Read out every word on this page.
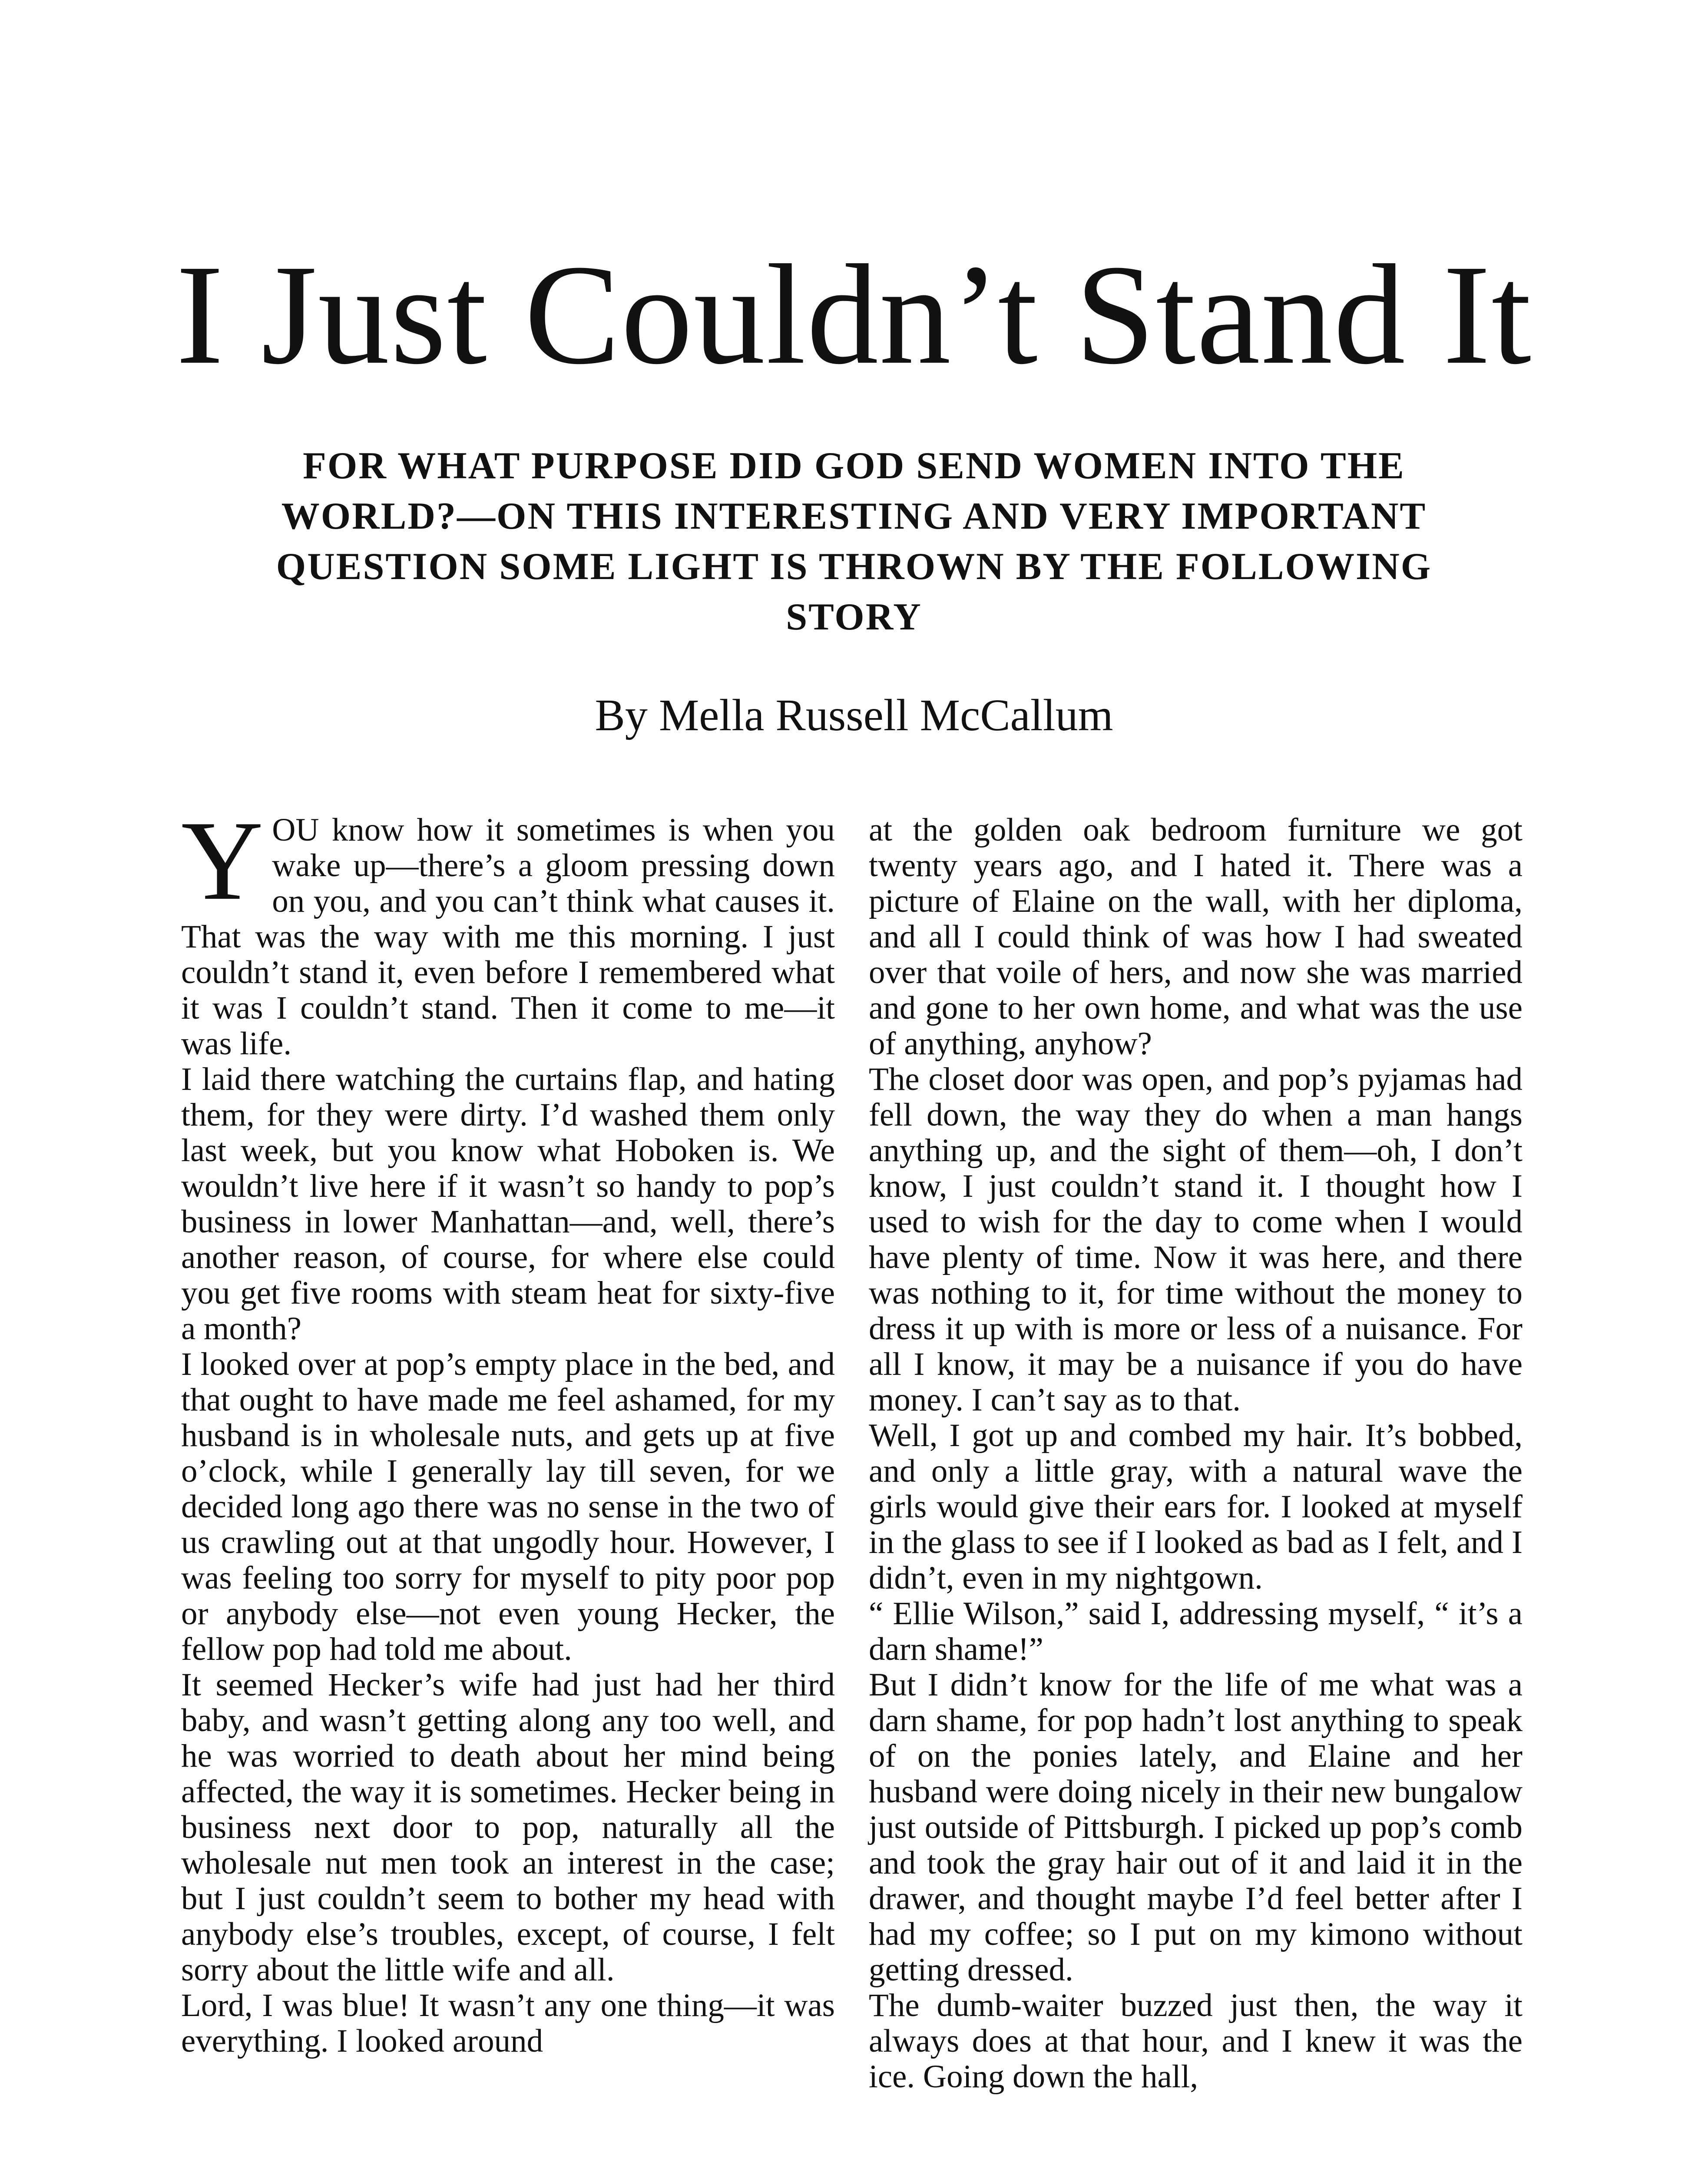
I Just Couldn’t Stand It
FOR WHAT PURPOSE DID GOD SEND WOMEN INTO THE WORLD?—ON THIS INTERESTING AND VERY IMPORTANT QUESTION SOME LIGHT IS THROWN BY THE FOLLOWING STORY
By Mella Russell McCallum

YOU know how it sometimes is when you wake up—there’s a gloom pressing down on you, and you can’t think what causes it. That was the way with me this morning. I just couldn’t stand it, even before I remembered what it was I couldn’t stand. Then it come to me—it was life.

I laid there watching the curtains flap, and hating them, for they were dirty. I’d washed them only last week, but you know what Hoboken is. We wouldn’t live here if it wasn’t so handy to pop’s business in lower Manhattan—and, well, there’s another reason, of course, for where else could you get five rooms with steam heat for sixty-five a month?

I looked over at pop’s empty place in the bed, and that ought to have made me feel ashamed, for my husband is in wholesale nuts, and gets up at five o’clock, while I generally lay till seven, for we decided long ago there was no sense in the two of us crawling out at that ungodly hour. However, I was feeling too sorry for myself to pity poor pop or anybody else—not even young Hecker, the fellow pop had told me about.

It seemed Hecker’s wife had just had her third baby, and wasn’t getting along any too well, and he was worried to death about her mind being affected, the way it is sometimes. Hecker being in business next door to pop, naturally all the wholesale nut men took an interest in the case; but I just couldn’t seem to bother my head with anybody else’s troubles, except, of course, I felt sorry about the little wife and all.

Lord, I was blue! It wasn’t any one thing—it was everything. I looked around

at the golden oak bedroom furniture we got twenty years ago, and I hated it. There was a picture of Elaine on the wall, with her diploma, and all I could think of was how I had sweated over that voile of hers, and now she was married and gone to her own home, and what was the use of anything, anyhow?

The closet door was open, and pop’s pyjamas had fell down, the way they do when a man hangs anything up, and the sight of them—oh, I don’t know, I just couldn’t stand it. I thought how I used to wish for the day to come when I would have plenty of time. Now it was here, and there was nothing to it, for time without the money to dress it up with is more or less of a nuisance. For all I know, it may be a nuisance if you do have money. I can’t say as to that.

Well, I got up and combed my hair. It’s bobbed, and only a little gray, with a natural wave the girls would give their ears for. I looked at myself in the glass to see if I looked as bad as I felt, and I didn’t, even in my nightgown.

“ Ellie Wilson,” said I, addressing myself, “ it’s a darn shame!”

But I didn’t know for the life of me what was a darn shame, for pop hadn’t lost anything to speak of on the ponies lately, and Elaine and her husband were doing nicely in their new bungalow just outside of Pittsburgh. I picked up pop’s comb and took the gray hair out of it and laid it in the drawer, and thought maybe I’d feel better after I had my coffee; so I put on my kimono without getting dressed.

The dumb-waiter buzzed just then, the way it always does at that hour, and I knew it was the ice. Going down the hall,
